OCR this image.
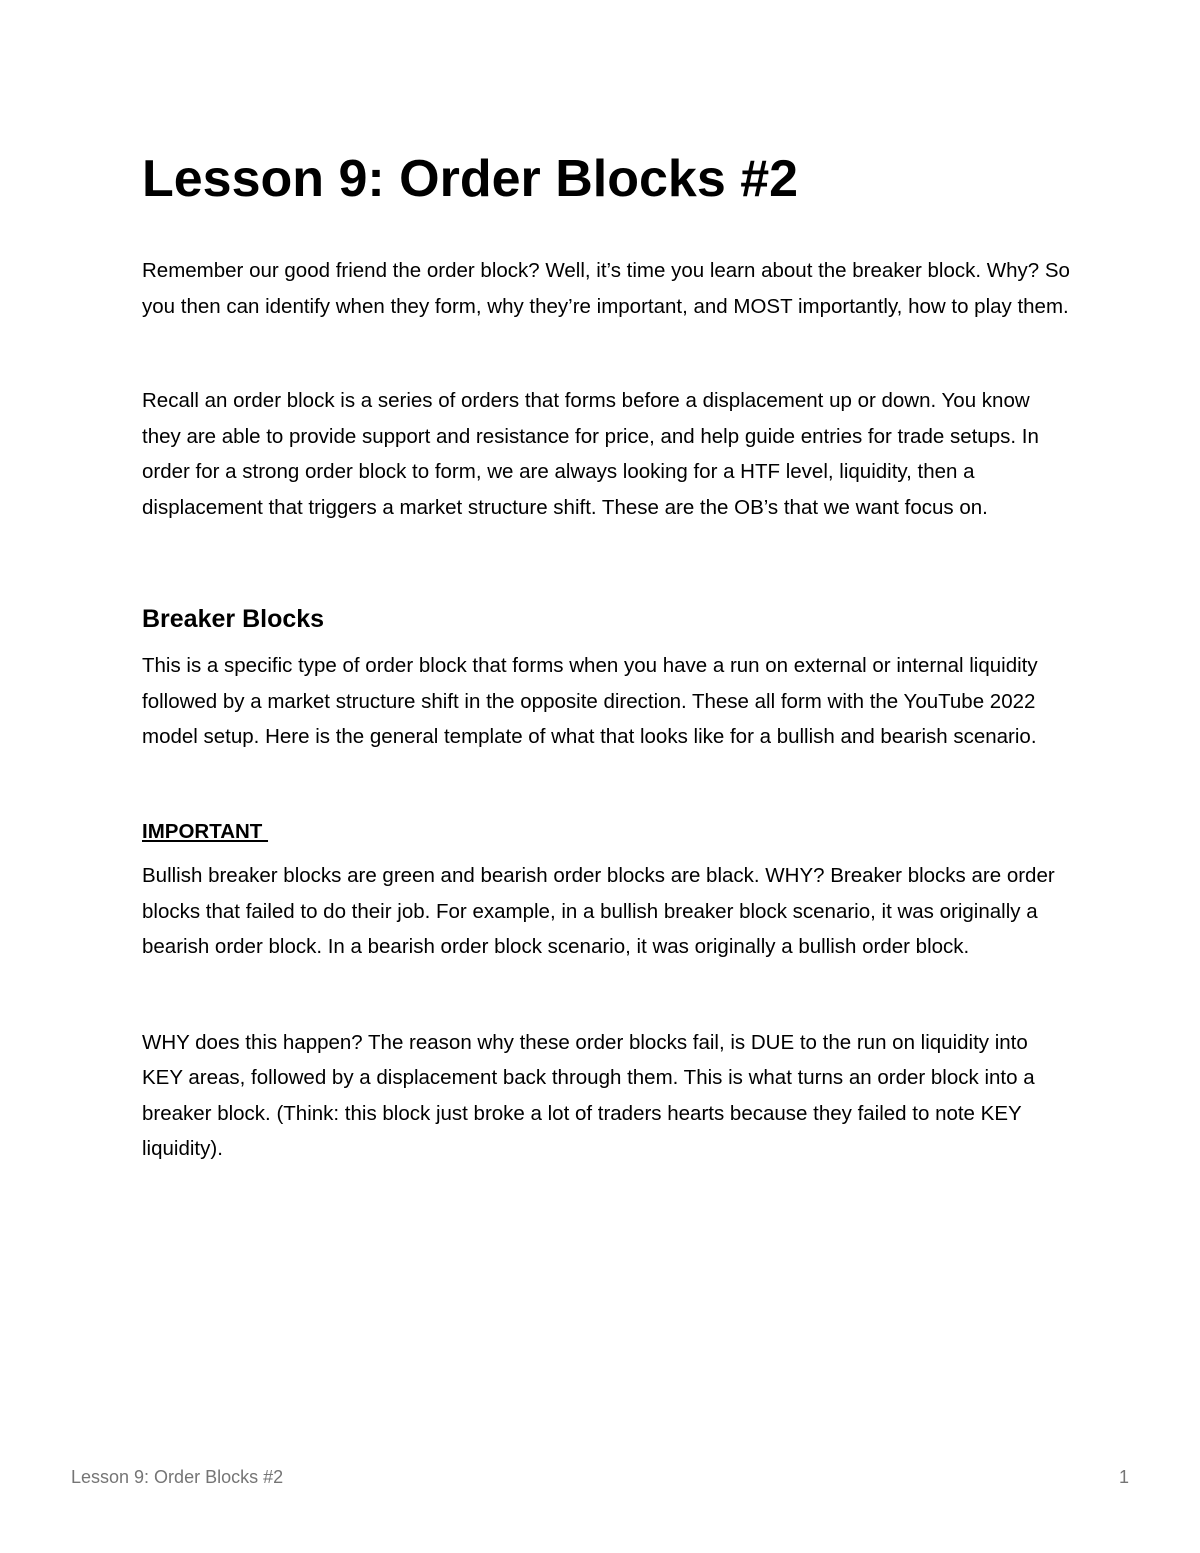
Lesson 9: Order Blocks #2

Remember our good friend the order block? Well, it’s time you learn about the breaker block. Why? So you then can identify when they form, why they’re important, and MOST importantly, how to play them.

Recall an order block is a series of orders that forms before a displacement up or down. You know they are able to provide support and resistance for price, and help guide entries for trade setups. In order for a strong order block to form, we are always looking for a HTF level, liquidity, then a displacement that triggers a market structure shift. These are the OB’s that we want focus on.

Breaker Blocks

This is a specific type of order block that forms when you have a run on external or internal liquidity followed by a market structure shift in the opposite direction. These all form with the YouTube 2022 model setup. Here is the general template of what that looks like for a bullish and bearish scenario.

IMPORTANT

Bullish breaker blocks are green and bearish order blocks are black. WHY? Breaker blocks are order blocks that failed to do their job. For example, in a bullish breaker block scenario, it was originally a bearish order block. In a bearish order block scenario, it was originally a bullish order block.

WHY does this happen? The reason why these order blocks fail, is DUE to the run on liquidity into KEY areas, followed by a displacement back through them. This is what turns an order block into a breaker block. (Think: this block just broke a lot of traders hearts because they failed to note KEY liquidity).

Lesson 9: Order Blocks #2	1
